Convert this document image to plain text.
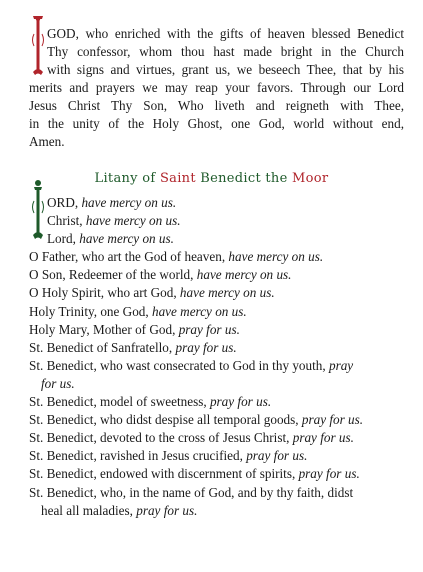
GOD, who enriched with the gifts of heaven blessed Benedict
Thy confessor, whom thou hast made bright in the Church
with signs and virtues, grant us, we beseech Thee, that by his
merits and prayers we may reap your favors. Through our Lord
Jesus Christ Thy Son, Who liveth and reigneth with Thee,
in the unity of the Holy Ghost, one God, world without end,
Amen.
Litany of Saint Benedict the Moor
ORD, have mercy on us.
Christ, have mercy on us.
Lord, have mercy on us.
O Father, who art the God of heaven, have mercy on us.
O Son, Redeemer of the world, have mercy on us.
O Holy Spirit, who art God, have mercy on us.
Holy Trinity, one God, have mercy on us.
Holy Mary, Mother of God, pray for us.
St. Benedict of Sanfratello, pray for us.
St. Benedict, who wast consecrated to God in thy youth, pray
for us.
St. Benedict, model of sweetness, pray for us.
St. Benedict, who didst despise all temporal goods, pray for us.
St. Benedict, devoted to the cross of Jesus Christ, pray for us.
St. Benedict, ravished in Jesus crucified, pray for us.
St. Benedict, endowed with discernment of spirits, pray for us.
St. Benedict, who, in the name of God, and by thy faith, didst
heal all maladies, pray for us.
